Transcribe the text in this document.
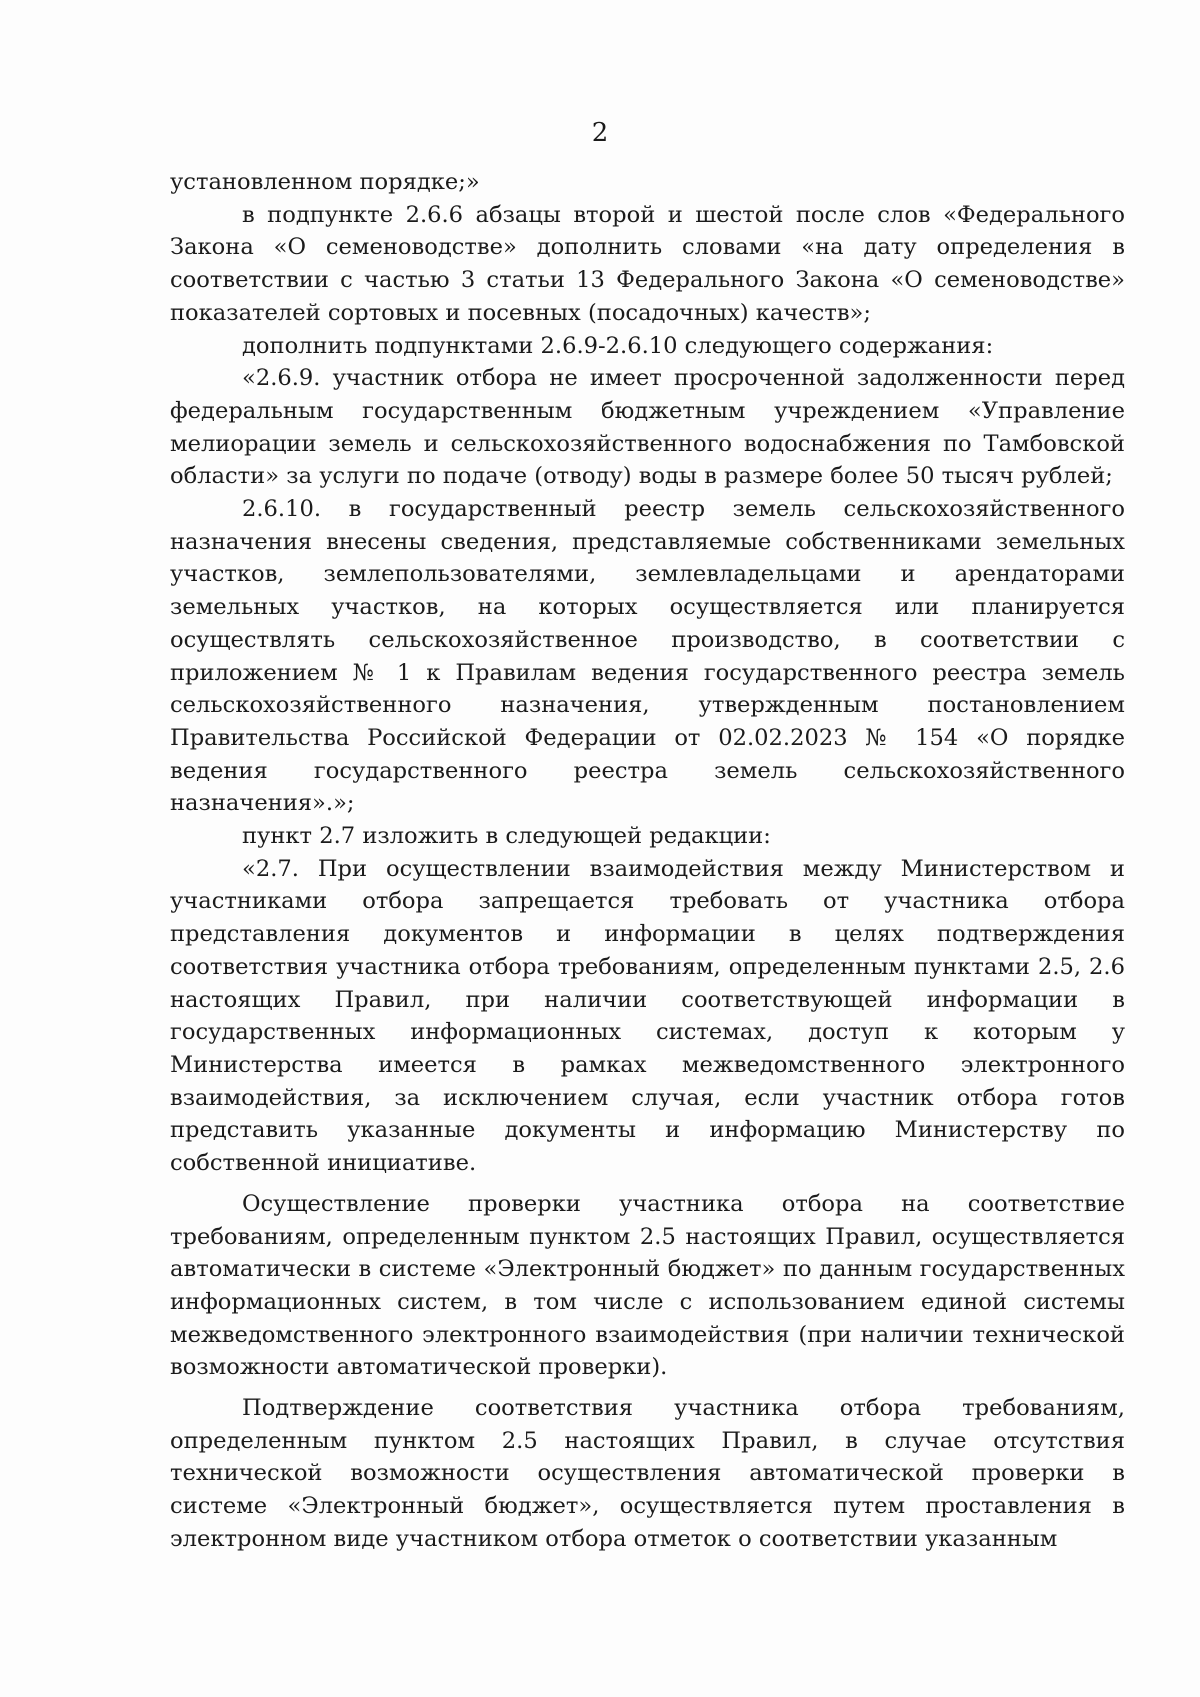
2

установленном порядке;»

в подпункте 2.6.6 абзацы второй и шестой после слов «Федерального Закона «О семеноводстве» дополнить словами «на дату определения в соответствии с частью 3 статьи 13 Федерального Закона «О семеноводстве» показателей сортовых и посевных (посадочных) качеств»;

дополнить подпунктами 2.6.9-2.6.10 следующего содержания:

«2.6.9. участник отбора не имеет просроченной задолженности перед федеральным государственным бюджетным учреждением «Управление мелиорации земель и сельскохозяйственного водоснабжения по Тамбовской области» за услуги по подаче (отводу) воды в размере более 50 тысяч рублей;

2.6.10. в государственный реестр земель сельскохозяйственного назначения внесены сведения, представляемые собственниками земельных участков, землепользователями, землевладельцами и арендаторами земельных участков, на которых осуществляется или планируется осуществлять сельскохозяйственное производство, в соответствии с приложением № 1 к Правилам ведения государственного реестра земель сельскохозяйственного назначения, утвержденным постановлением Правительства Российской Федерации от 02.02.2023 № 154 «О порядке ведения государственного реестра земель сельскохозяйственного назначения».»;

пункт 2.7 изложить в следующей редакции:

«2.7. При осуществлении взаимодействия между Министерством и участниками отбора запрещается требовать от участника отбора представления документов и информации в целях подтверждения соответствия участника отбора требованиям, определенным пунктами 2.5, 2.6 настоящих Правил, при наличии соответствующей информации в государственных информационных системах, доступ к которым у Министерства имеется в рамках межведомственного электронного взаимодействия, за исключением случая, если участник отбора готов представить указанные документы и информацию Министерству по собственной инициативе.

Осуществление проверки участника отбора на соответствие требованиям, определенным пунктом 2.5 настоящих Правил, осуществляется автоматически в системе «Электронный бюджет» по данным государственных информационных систем, в том числе с использованием единой системы межведомственного электронного взаимодействия (при наличии технической возможности автоматической проверки).

Подтверждение соответствия участника отбора требованиям, определенным пунктом 2.5 настоящих Правил, в случае отсутствия технической возможности осуществления автоматической проверки в системе «Электронный бюджет», осуществляется путем проставления в электронном виде участником отбора отметок о соответствии указанным
